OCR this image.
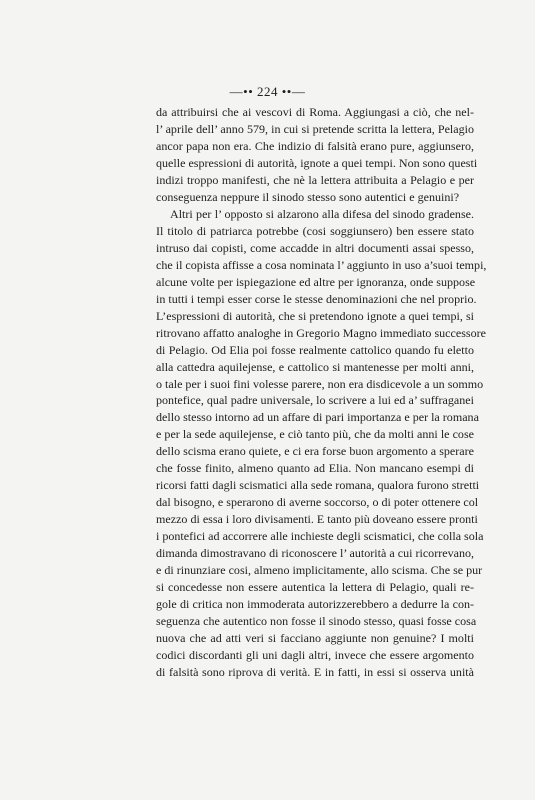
—•• 224 ••—
da attribuirsi che ai vescovi di Roma. Aggiungasi a ciò, che nel-
l’ aprile dell’ anno 579, in cui si pretende scritta la lettera, Pelagio
ancor papa non era. Che indizio di falsità erano pure, aggiunsero,
quelle espressioni di autorità, ignote a quei tempi. Non sono questi
indizi troppo manifesti, che nè la lettera attribuita a Pelagio e per
conseguenza neppure il sinodo stesso sono autentici e genuini?
Altri per l’ opposto si alzarono alla difesa del sinodo gradense.
Il titolo di patriarca potrebbe (cosi soggiunsero) ben essere stato
intruso dai copisti, come accadde in altri documenti assai spesso,
che il copista affisse a cosa nominata l’ aggiunto in uso a’suoi tempi,
alcune volte per ispiegazione ed altre per ignoranza, onde suppose
in tutti i tempi esser corse le stesse denominazioni che nel proprio.
L’espressioni di autorità, che si pretendono ignote a quei tempi, si
ritrovano affatto analoghe in Gregorio Magno immediato successore
di Pelagio. Od Elia poi fosse realmente cattolico quando fu eletto
alla cattedra aquilejense, e cattolico si mantenesse per molti anni,
o tale per i suoi fini volesse parere, non era disdicevole a un sommo
pontefice, qual padre universale, lo scrivere a lui ed a’ suffraganei
dello stesso intorno ad un affare di pari importanza e per la romana
e per la sede aquilejense, e ciò tanto più, che da molti anni le cose
dello scisma erano quiete, e ci era forse buon argomento a sperare
che fosse finito, almeno quanto ad Elia. Non mancano esempi di
ricorsi fatti dagli scismatici alla sede romana, qualora furono stretti
dal bisogno, e sperarono di averne soccorso, o di poter ottenere col
mezzo di essa i loro divisamenti. E tanto più doveano essere pronti
i pontefici ad accorrere alle inchieste degli scismatici, che colla sola
dimanda dimostravano di riconoscere l’ autorità a cui ricorrevano,
e di rinunziare cosi, almeno implicitamente, allo scisma. Che se pur
si concedesse non essere autentica la lettera di Pelagio, quali re-
gole di critica non immoderata autorizzerebbero a dedurre la con-
seguenza che autentico non fosse il sinodo stesso, quasi fosse cosa
nuova che ad atti veri si facciano aggiunte non genuine? I molti
codici discordanti gli uni dagli altri, invece che essere argomento
di falsità sono riprova di verità. E in fatti, in essi si osserva unità
